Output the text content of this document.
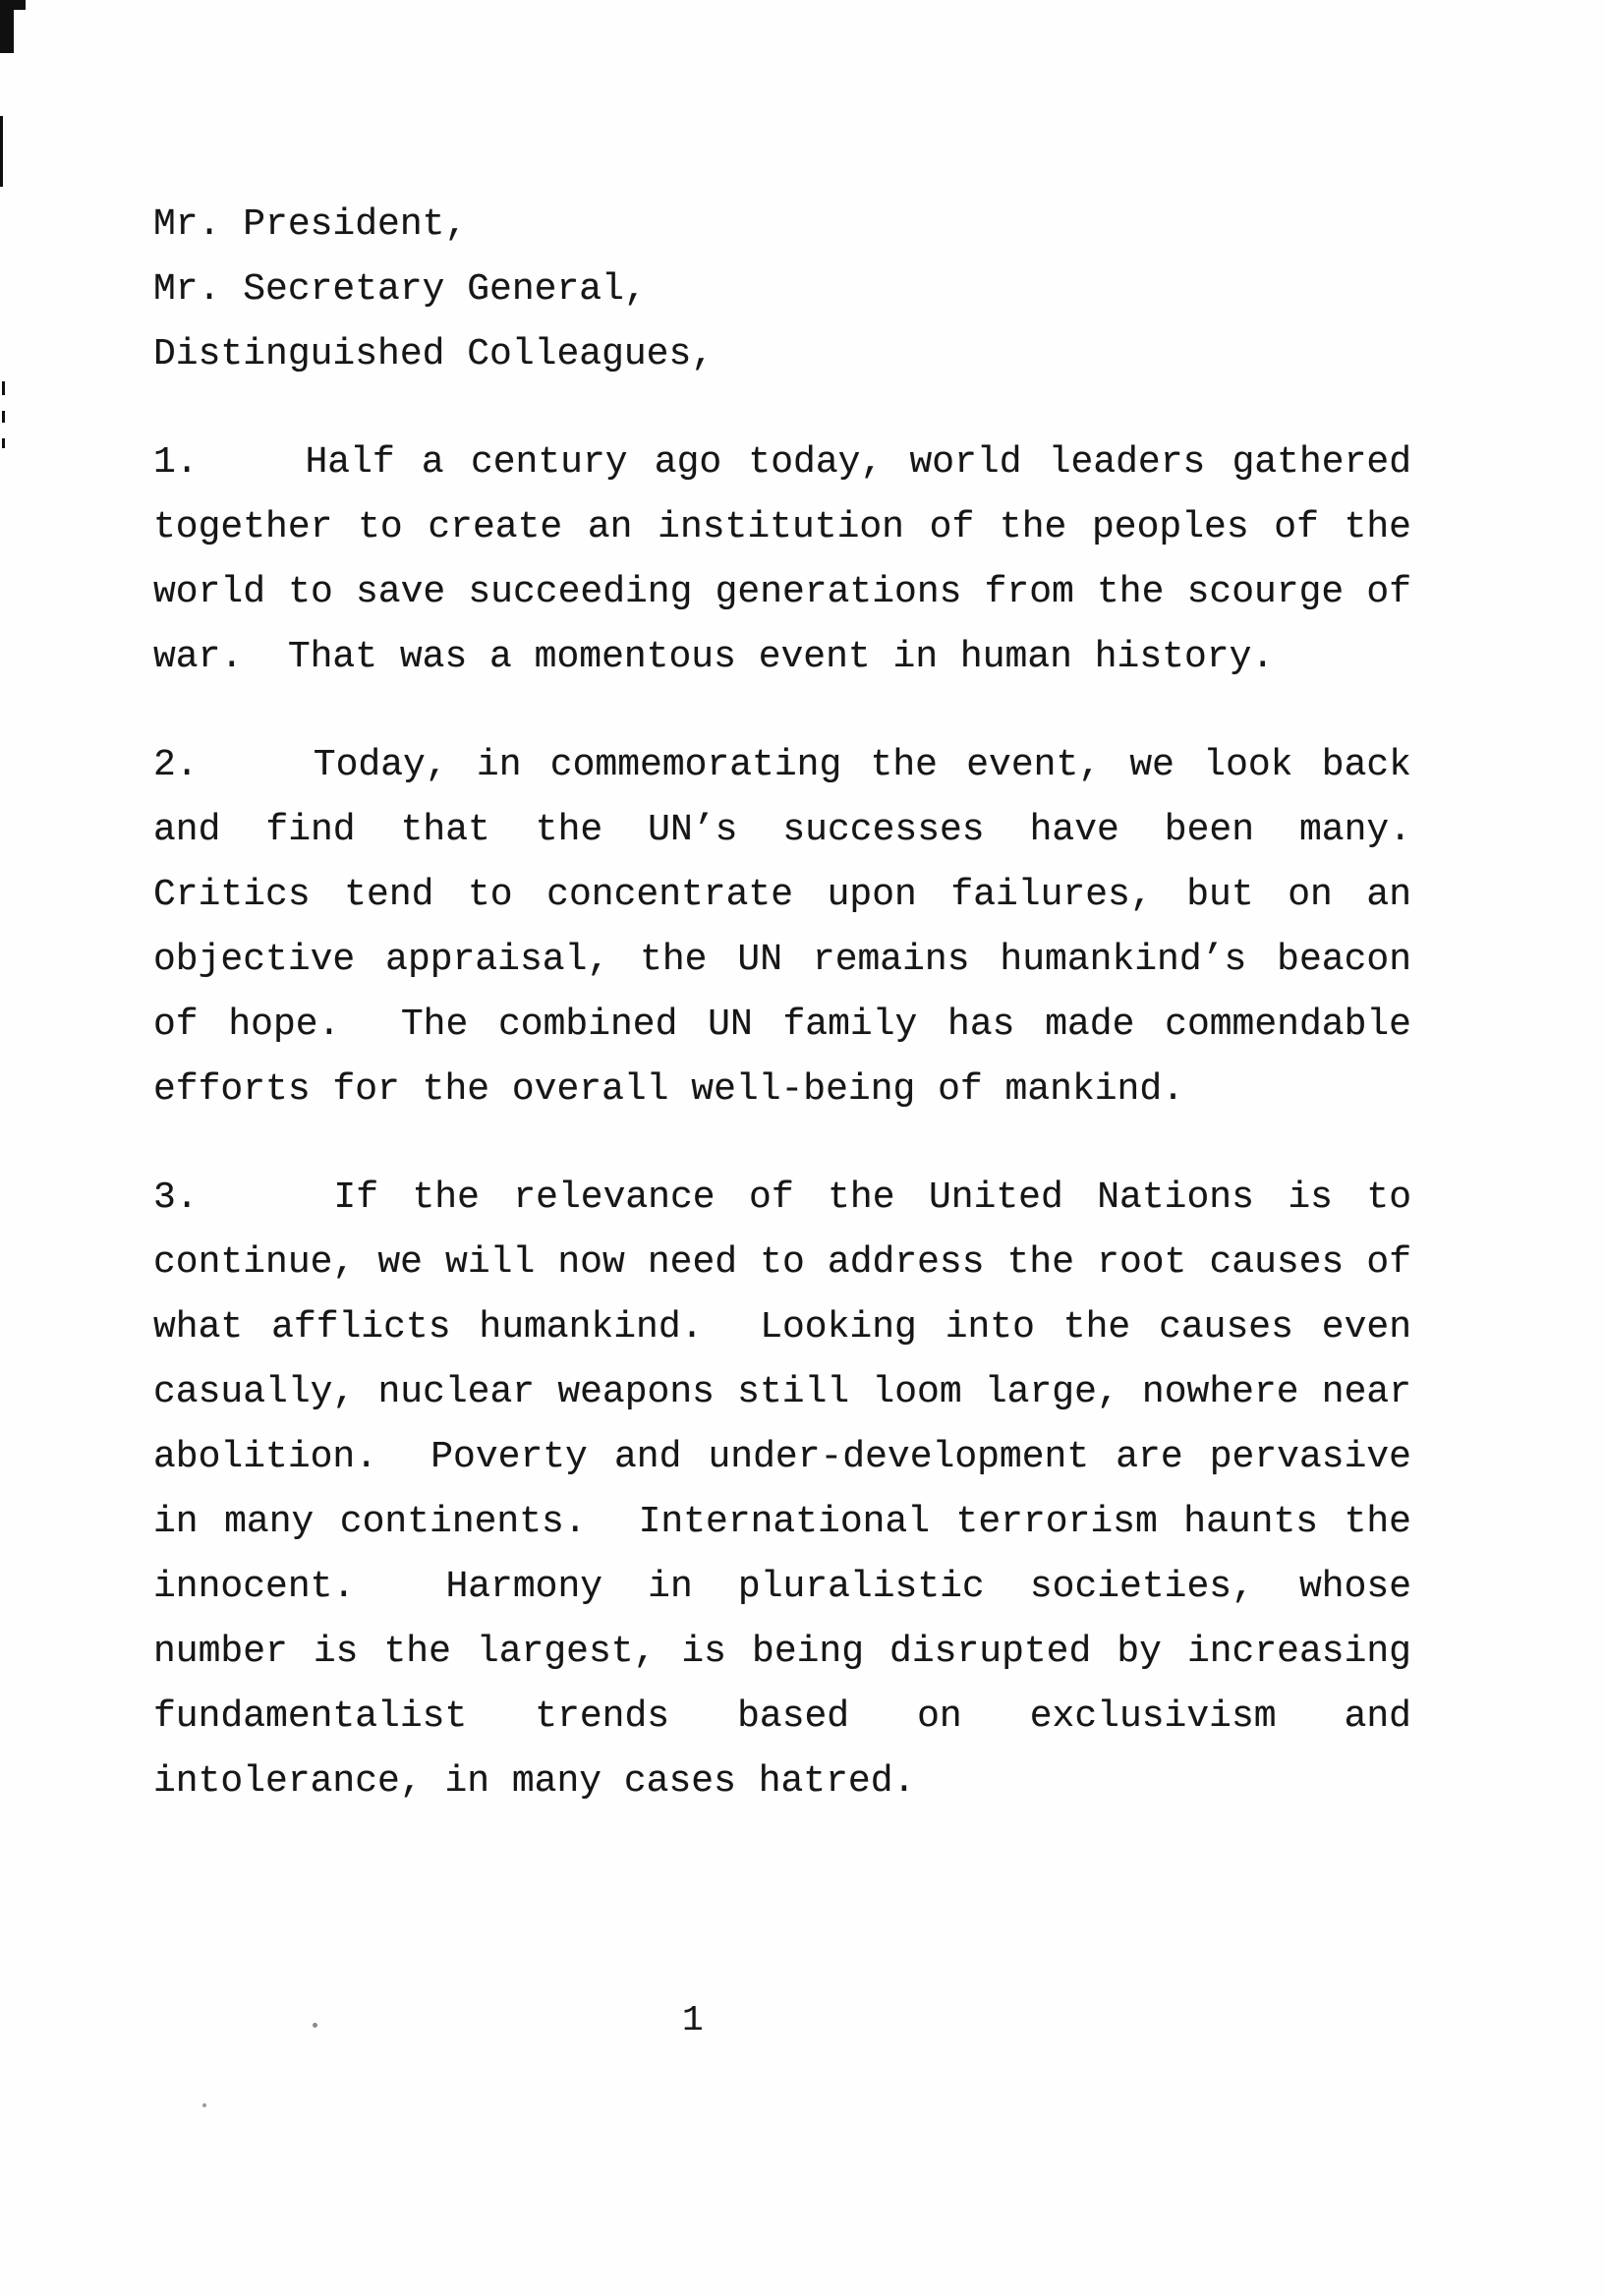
Mr. President,

Mr. Secretary General,

Distinguished Colleagues,

1.    Half a century ago today, world leaders gathered together to create an institution of the peoples of the world to save succeeding generations from the scourge of war.  That was a momentous event in human history.

2.    Today, in commemorating the event, we look back and find that the UN’s successes have been many.  Critics tend to concentrate upon failures, but on an objective appraisal, the UN remains humankind’s beacon of hope.  The combined UN family has made commendable efforts for the overall well-being of mankind.

3.    If the relevance of the United Nations is to continue, we will now need to address the root causes of what afflicts humankind.  Looking into the causes even casually, nuclear weapons still loom large, nowhere near abolition.  Poverty and under-development are pervasive in many continents.  International terrorism haunts the innocent.  Harmony in pluralistic societies, whose number is the largest, is being disrupted by increasing fundamentalist trends based on exclusivism and intolerance, in many cases hatred.

1
